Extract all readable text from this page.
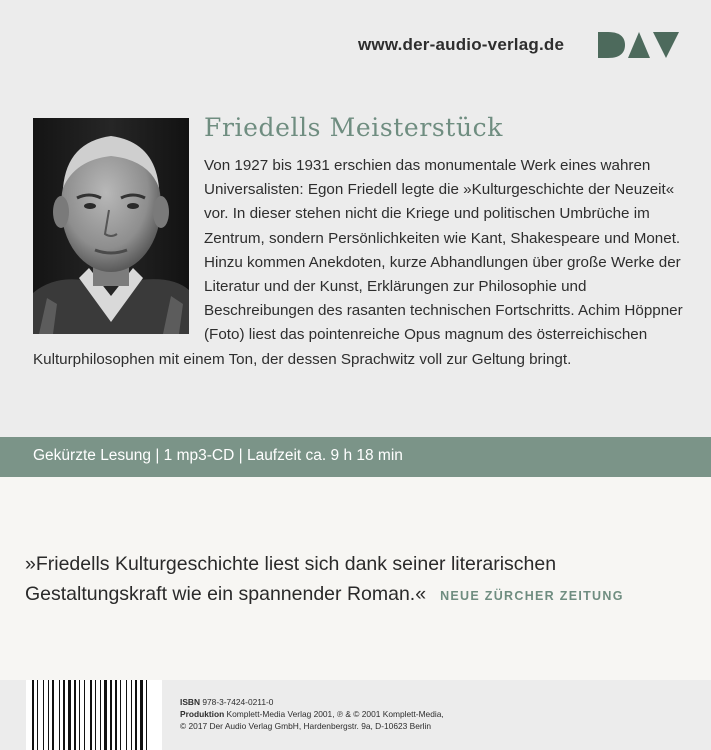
www.der-audio-verlag.de
Friedells Meisterstück
Von 1927 bis 1931 erschien das monumentale Werk eines wahren Universalisten: Egon Friedell legte die »Kulturgeschichte der Neuzeit« vor. In dieser stehen nicht die Kriege und politischen Umbrüche im Zentrum, sondern Persönlichkeiten wie Kant, Shakespeare und Monet. Hinzu kommen Anekdoten, kurze Abhandlungen über große Werke der Literatur und der Kunst, Erklärungen zur Philosophie und Beschreibungen des rasanten technischen Fortschritts. Achim Höppner (Foto) liest das pointenreiche Opus magnum des österreichischen Kulturphilosophen mit einem Ton, der dessen Sprachwitz voll zur Geltung bringt.
Gekürzte Lesung | 1 mp3-CD | Laufzeit ca. 9 h 18 min
»Friedells Kulturgeschichte liest sich dank seiner literarischen Gestaltungskraft wie ein spannender Roman.« NEUE ZÜRCHER ZEITUNG
ISBN 978-3-7424-0211-0
Produktion Komplett-Media Verlag 2001, ℗ & © 2001 Komplett-Media,
© 2017 Der Audio Verlag GmbH, Hardenbergstr. 9a, D-10623 Berlin
